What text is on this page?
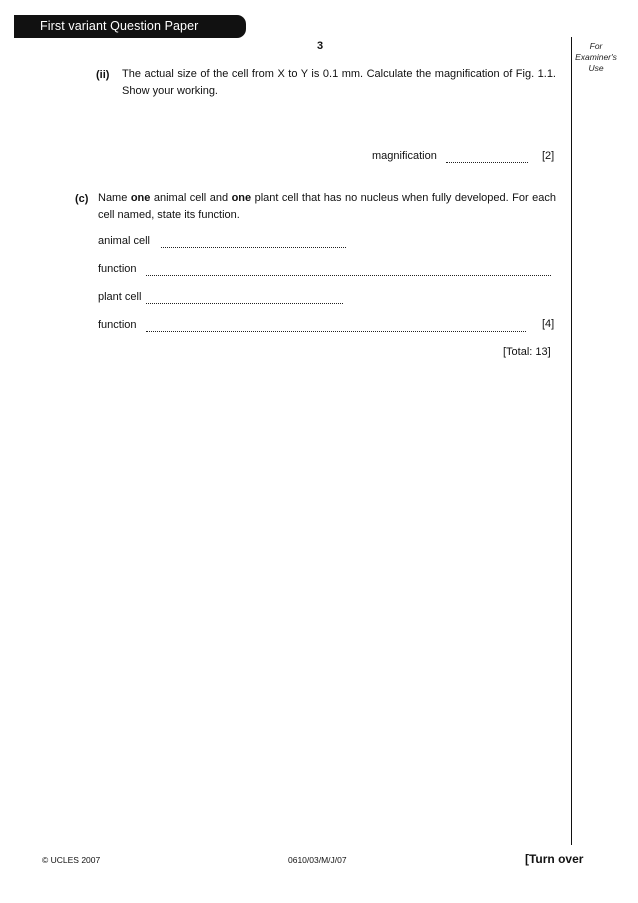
First variant Question Paper
3	For
Examiner's
Use
(ii) The actual size of the cell from X to Y is 0.1 mm. Calculate the magnification of Fig. 1.1. Show your working.
magnification	[2]
(c) Name one animal cell and one plant cell that has no nucleus when fully developed. For each cell named, state its function.
animal cell
function
plant cell
function	[4]
[Total: 13]
© UCLES 2007	0610/03/M/J/07	[Turn over
